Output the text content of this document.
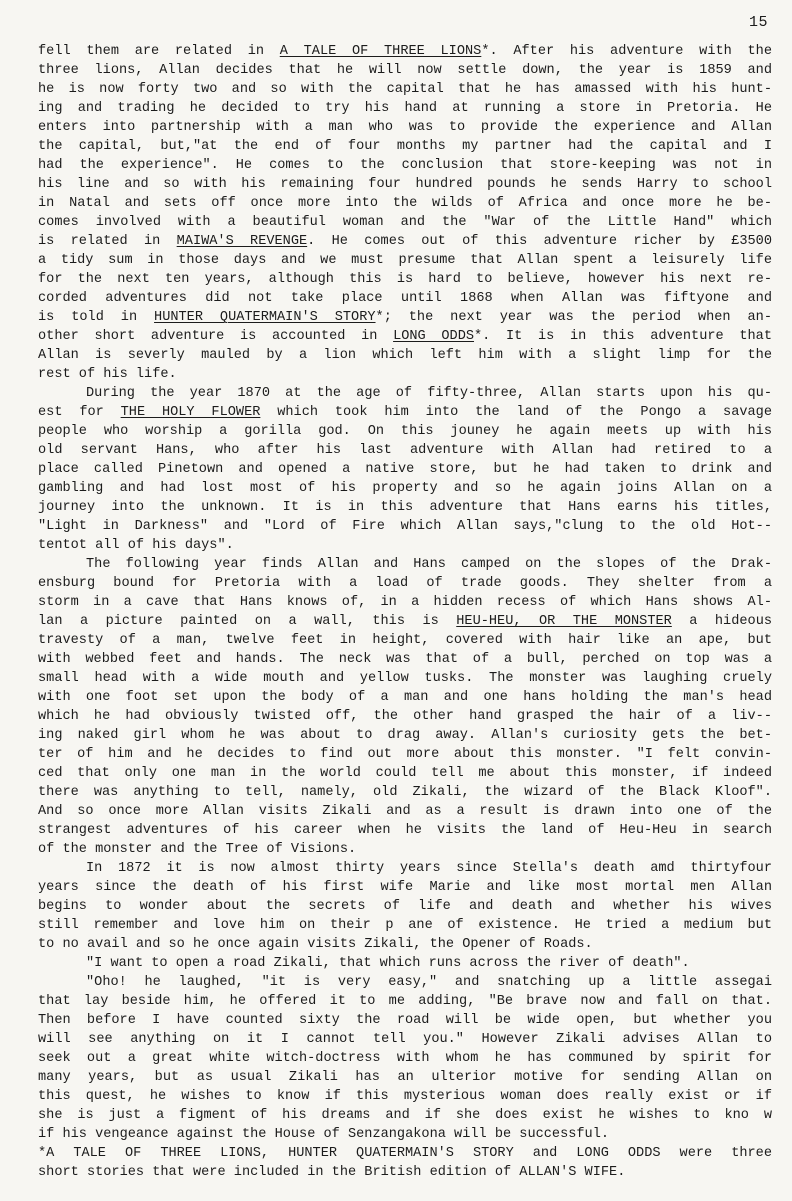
15

fell them are related in A TALE OF THREE LIONS*. After his adventure with the
three lions, Allan decides that he will now settle down, the year is 1859 and
he is now forty two and so with the capital that he has amassed with his hunt-
ing and trading he decided to try his hand at running a store in Pretoria. He
enters into partnership with a man who was to provide the experience and Allan
the capital, but,"at the end of four months my partner had the capital and I
had the experience". He comes to the conclusion that store-keeping was not in
his line and so with his remaining four hundred pounds he sends Harry to school
in Natal and sets off once more into the wilds of Africa and once more he be-
comes involved with a beautiful woman and the "War of the Little Hand" which
is related in MAIWA'S REVENGE. He comes out of this adventure richer by £3500
a tidy sum in those days and we must presume that Allan spent a leisurely life
for the next ten years, although this is hard to believe, however his next re-
corded adventures did not take place until 1868 when Allan was fiftyone and
is told in HUNTER QUATERMAIN'S STORY*; the next year was the period when an-
other short adventure is accounted in LONG ODDS*. It is in this adventure that
Allan is severly mauled by a lion which left him with a slight limp for the
rest of his life.

During the year 1870 at the age of fifty-three, Allan starts upon his qu-
est for THE HOLY FLOWER which took him into the land of the Pongo a savage
people who worship a gorilla god. On this jouney he again meets up with his
old servant Hans, who after his last adventure with Allan had retired to a
place called Pinetown and opened a native store, but he had taken to drink and
gambling and had lost most of his property and so he again joins Allan on a
journey into the unknown. It is in this adventure that Hans earns his titles,
"Light in Darkness" and "Lord of Fire which Allan says,"clung to the old Hot--
tentot all of his days".

The following year finds Allan and Hans camped on the slopes of the Drak-
ensburg bound for Pretoria with a load of trade goods. They shelter from a
storm in a cave that Hans knows of, in a hidden recess of which Hans shows Al-
lan a picture painted on a wall, this is HEU-HEU, OR THE MONSTER a hideous
travesty of a man, twelve feet in height, covered with hair like an ape, but
with webbed feet and hands. The neck was that of a bull, perched on top was a
small head with a wide mouth and yellow tusks. The monster was laughing cruely
with one foot set upon the body of a man and one hans holding the man's head
which he had obviously twisted off, the other hand grasped the hair of a liv--
ing naked girl whom he was about to drag away. Allan's curiosity gets the bet-
ter of him and he decides to find out more about this monster. "I felt convin-
ced that only one man in the world could tell me about this monster, if indeed
there was anything to tell, namely, old Zikali, the wizard of the Black Kloof".
And so once more Allan visits Zikali and as a result is drawn into one of the
strangest adventures of his career when he visits the land of Heu-Heu in search
of the monster and the Tree of Visions.

In 1872 it is now almost thirty years since Stella's death amd thirtyfour
years since the death of his first wife Marie and like most mortal men Allan
begins to wonder about the secrets of life and death and whether his wives
still remember and love him on their p ane of existence. He tried a medium but
to no avail and so he once again visits Zikali, the Opener of Roads.

"I want to open a road Zikali, that which runs across the river of death".

"Oho! he laughed, "it is very easy," and snatching up a little assegai
that lay beside him, he offered it to me adding, "Be brave now and fall on that.
Then before I have counted sixty the road will be wide open, but whether you
will see anything on it I cannot tell you." However Zikali advises Allan to
seek out a great white witch-doctress with whom he has communed by spirit for
many years, but as usual Zikali has an ulterior motive for sending Allan on
this quest, he wishes to know if this mysterious woman does really exist or if
she is just a figment of his dreams and if she does exist he wishes to kno w
if his vengeance against the House of Senzangakona will be successful.

*A TALE OF THREE LIONS, HUNTER QUATERMAIN'S STORY and LONG ODDS were three
short stories that were included in the British edition of ALLAN'S WIFE.
